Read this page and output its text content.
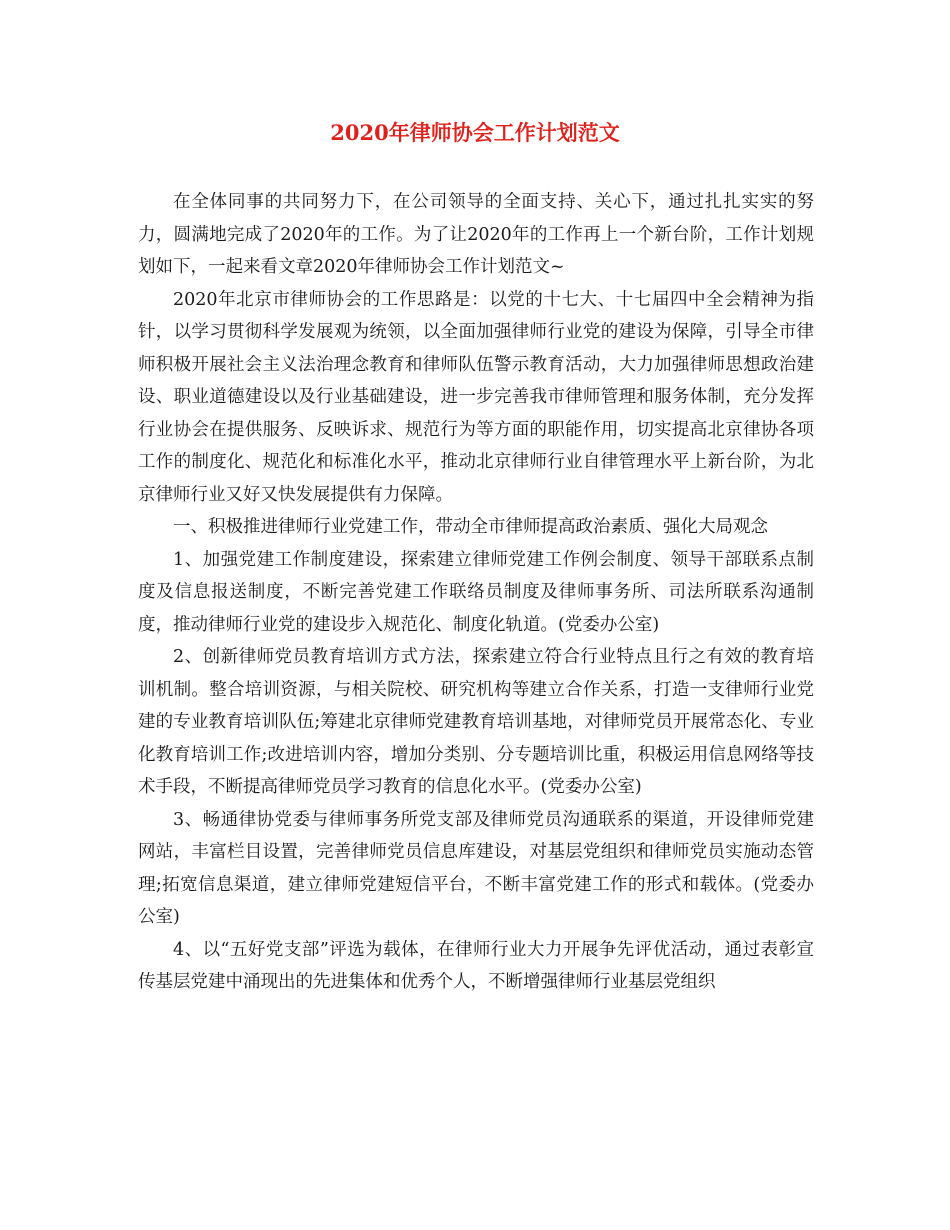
2020年律师协会工作计划范文

在全体同事的共同努力下，在公司领导的全面支持、关心下，通过扎扎实实的努力，圆满地完成了2020年的工作。为了让2020年的工作再上一个新台阶，工作计划规划如下，一起来看文章2020年律师协会工作计划范文~

2020年北京市律师协会的工作思路是：以党的十七大、十七届四中全会精神为指针，以学习贯彻科学发展观为统领，以全面加强律师行业党的建设为保障，引导全市律师积极开展社会主义法治理念教育和律师队伍警示教育活动，大力加强律师思想政治建设、职业道德建设以及行业基础建设，进一步完善我市律师管理和服务体制，充分发挥行业协会在提供服务、反映诉求、规范行为等方面的职能作用，切实提高北京律协各项工作的制度化、规范化和标准化水平，推动北京律师行业自律管理水平上新台阶，为北京律师行业又好又快发展提供有力保障。

一、积极推进律师行业党建工作，带动全市律师提高政治素质、强化大局观念

1、加强党建工作制度建设，探索建立律师党建工作例会制度、领导干部联系点制度及信息报送制度，不断完善党建工作联络员制度及律师事务所、司法所联系沟通制度，推动律师行业党的建设步入规范化、制度化轨道。(党委办公室)

2、创新律师党员教育培训方式方法，探索建立符合行业特点且行之有效的教育培训机制。整合培训资源，与相关院校、研究机构等建立合作关系，打造一支律师行业党建的专业教育培训队伍;筹建北京律师党建教育培训基地，对律师党员开展常态化、专业化教育培训工作;改进培训内容，增加分类别、分专题培训比重，积极运用信息网络等技术手段，不断提高律师党员学习教育的信息化水平。(党委办公室)

3、畅通律协党委与律师事务所党支部及律师党员沟通联系的渠道，开设律师党建网站，丰富栏目设置，完善律师党员信息库建设，对基层党组织和律师党员实施动态管理;拓宽信息渠道，建立律师党建短信平台，不断丰富党建工作的形式和载体。(党委办公室)

4、以“五好党支部”评选为载体，在律师行业大力开展争先评优活动，通过表彰宣传基层党建中涌现出的先进集体和优秀个人，不断增强律师行业基层党组织
